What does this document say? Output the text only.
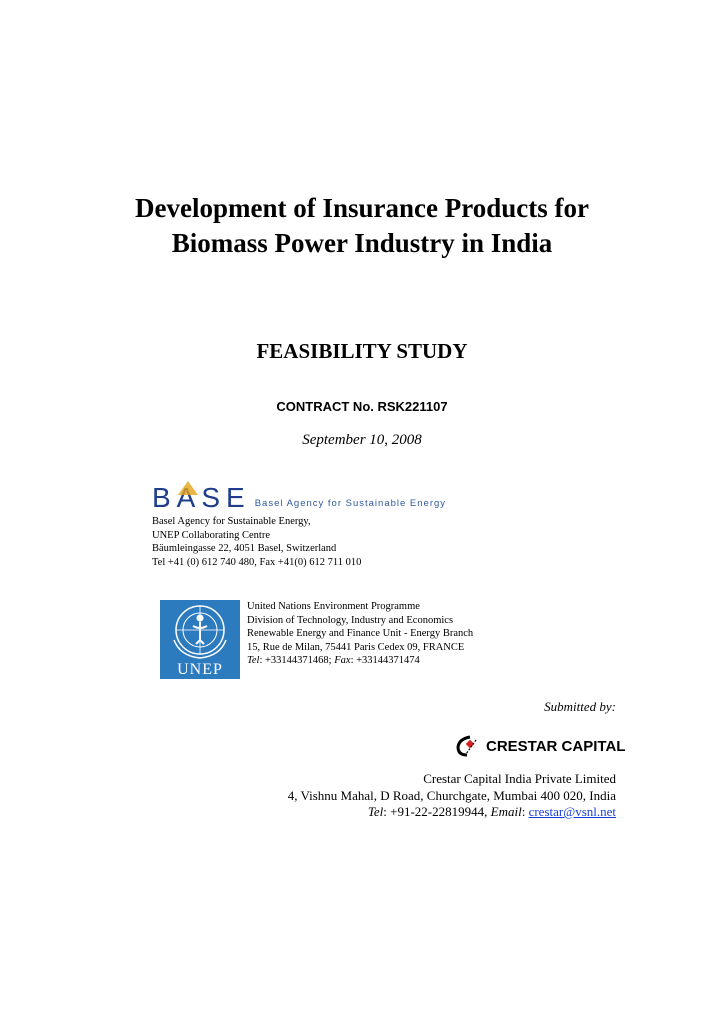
Development of Insurance Products for
Biomass Power Industry in India
FEASIBILITY STUDY
CONTRACT No. RSK221107
September 10, 2008
BASE Basel Agency for Sustainable Energy
Basel Agency for Sustainable Energy,
UNEP Collaborating Centre
Bäumleingasse 22, 4051 Basel, Switzerland
Tel +41 (0) 612 740 480, Fax +41(0) 612 711 010
UNEP
United Nations Environment Programme
Division of Technology, Industry and Economics
Renewable Energy and Finance Unit - Energy Branch
15, Rue de Milan, 75441 Paris Cedex 09, FRANCE
Tel: +33144371468; Fax: +33144371474
Submitted by:
CRESTAR CAPITAL
Crestar Capital India Private Limited
4, Vishnu Mahal, D Road, Churchgate, Mumbai 400 020, India
Tel: +91-22-22819944, Email: crestar@vsnl.net
